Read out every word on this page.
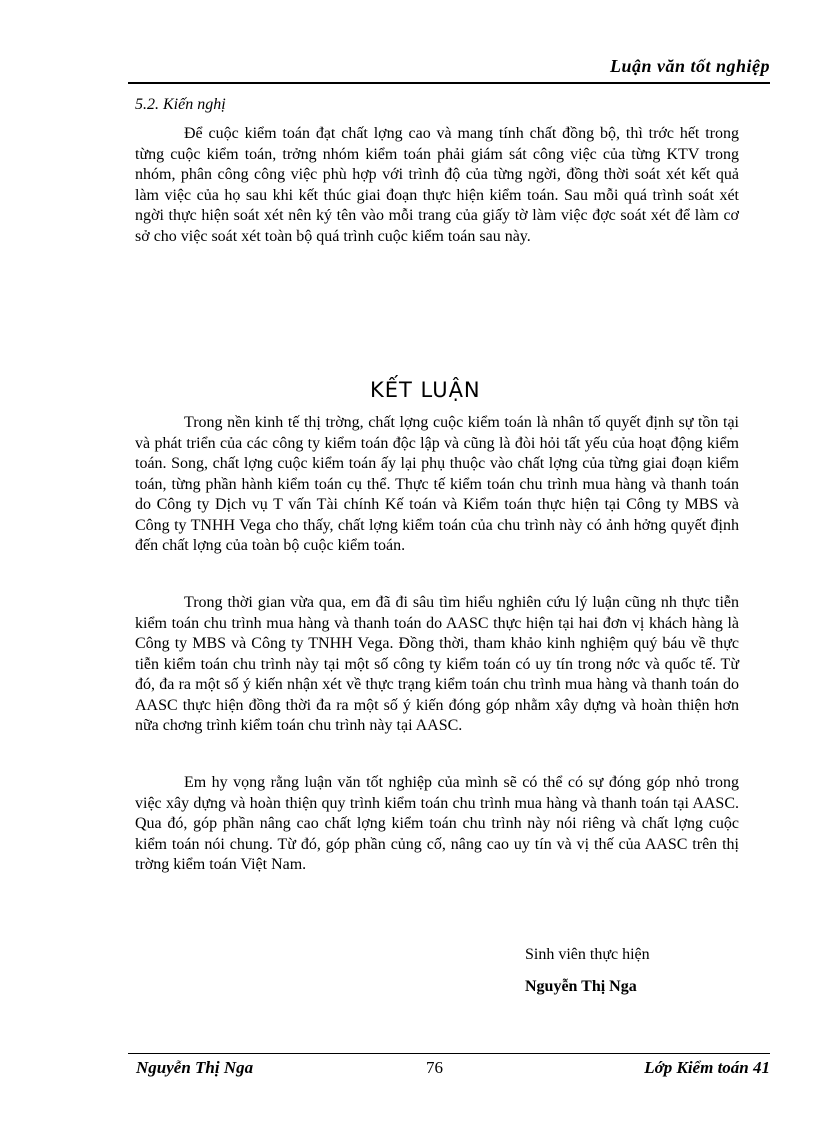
Luận văn tốt nghiệp
5.2. Kiến nghị

Để cuộc kiểm toán đạt chất lợng cao và mang tính chất đồng bộ, thì trớc hết trong từng cuộc kiểm toán, trởng nhóm kiểm toán phải giám sát công việc của từng KTV trong nhóm, phân công công việc phù hợp với trình độ của từng ngời, đồng thời soát xét kết quả làm việc của họ sau khi kết thúc giai đoạn thực hiện kiểm toán. Sau mỗi quá trình soát xét ngời thực hiện soát xét nên ký tên vào mỗi trang của giấy tờ làm việc đợc soát xét để làm cơ sở cho việc soát xét toàn bộ quá trình cuộc kiểm toán sau này.

KẾT LUẬN

Trong nền kinh tế thị trờng, chất lợng cuộc kiểm toán là nhân tố quyết định sự tồn tại và phát triển của các công ty kiểm toán độc lập và cũng là đòi hỏi tất yếu của hoạt động kiểm toán. Song, chất lợng cuộc kiểm toán ấy lại phụ thuộc vào chất lợng của từng giai đoạn kiểm toán, từng phần hành kiểm toán cụ thể. Thực tế kiểm toán chu trình mua hàng và thanh toán do Công ty Dịch vụ T vấn Tài chính Kế toán và Kiểm toán thực hiện tại Công ty MBS và Công ty TNHH Vega cho thấy, chất lợng kiểm toán của chu trình này có ảnh hởng quyết định đến chất lợng của toàn bộ cuộc kiểm toán.

Trong thời gian vừa qua, em đã đi sâu tìm hiểu nghiên cứu lý luận cũng nh thực tiễn kiểm toán chu trình mua hàng và thanh toán do AASC thực hiện tại hai đơn vị khách hàng là Công ty MBS và Công ty TNHH Vega. Đồng thời, tham khảo kinh nghiệm quý báu về thực tiễn kiểm toán chu trình này tại một số công ty kiểm toán có uy tín trong nớc và quốc tế. Từ đó, đa ra một số ý kiến nhận xét về thực trạng kiểm toán chu trình mua hàng và thanh toán do AASC thực hiện đồng thời đa ra một số ý kiến đóng góp nhằm xây dựng và hoàn thiện hơn nữa chơng trình kiểm toán chu trình này tại AASC.

Em hy vọng rằng luận văn tốt nghiệp của mình sẽ có thể có sự đóng góp nhỏ trong việc xây dựng và hoàn thiện quy trình kiểm toán chu trình mua hàng và thanh toán tại AASC. Qua đó, góp phần nâng cao chất lợng kiểm toán chu trình này nói riêng và chất lợng cuộc kiểm toán nói chung. Từ đó, góp phần củng cố, nâng cao uy tín và vị thế của AASC trên thị trờng kiểm toán Việt Nam.

Sinh viên thực hiện
Nguyễn Thị Nga
Nguyễn Thị Nga	76	Lớp Kiểm toán 41
